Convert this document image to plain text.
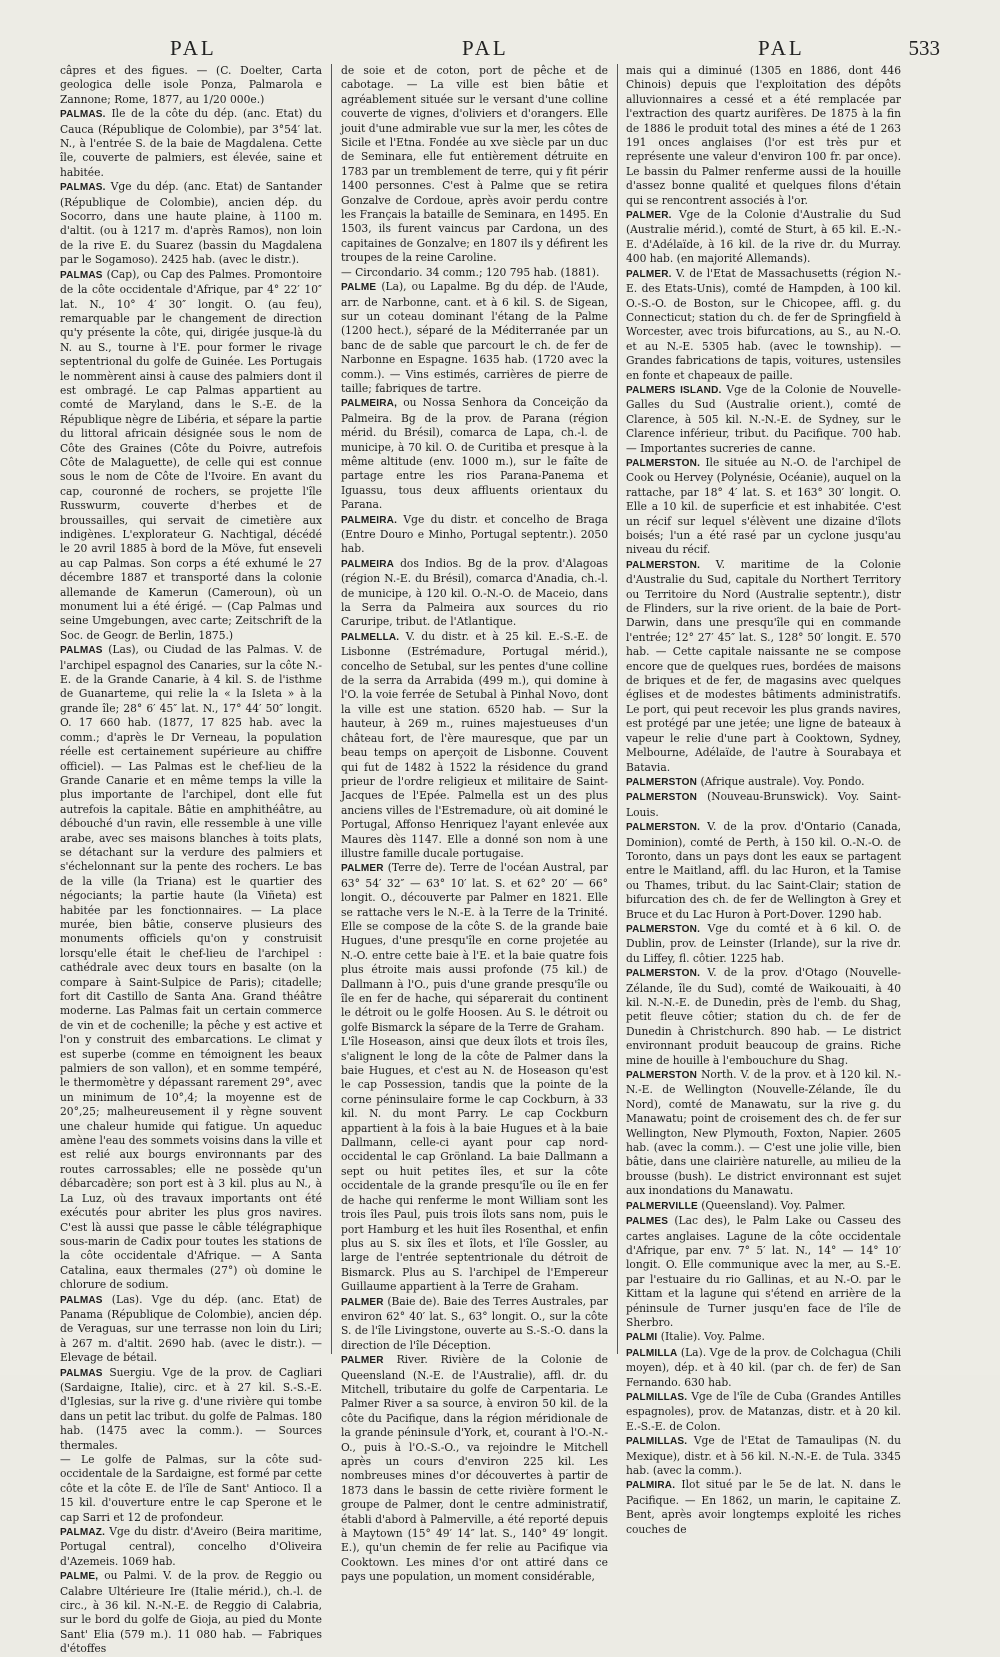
PAL	PAL	PAL	533

câpres et des figues. — (C. Doelter, Carta geologica delle isole Ponza, Palmarola e Zannone; Rome, 1877, au 1/20 000e.)

PALMAS. Ile de la côte du dép. (anc. Etat) du Cauca (République de Colombie), par 3°54′ lat. N., à l'entrée S. de la baie de Magdalena. Cette île, couverte de palmiers, est élevée, saine et habitée.

PALMAS. Vge du dép. (anc. Etat) de Santander (République de Colombie), ancien dép. du Socorro, dans une haute plaine, à 1100 m. d'altit. (ou à 1217 m. d'après Ramos), non loin de la rive E. du Suarez (bassin du Magdalena par le Sogamoso). 2425 hab. (avec le distr.).

PALMAS (Cap), ou Cap des Palmes. Promontoire de la côte occidentale d'Afrique, par 4° 22′ 10″ lat. N., 10° 4′ 30″ longit. O. (au feu), remarquable par le changement de direction qu'y présente la côte, qui, dirigée jusque-là du N. au S., tourne à l'E. pour former le rivage septentrional du golfe de Guinée. Les Portugais le nommèrent ainsi à cause des palmiers dont il est ombragé. Le cap Palmas appartient au comté de Maryland, dans le S.-E. de la République nègre de Libéria, et sépare la partie du littoral africain désignée sous le nom de Côte des Graines (Côte du Poivre, autrefois Côte de Malaguette), de celle qui est connue sous le nom de Côte de l'Ivoire. En avant du cap, couronné de rochers, se projette l'île Russwurm, couverte d'herbes et de broussailles, qui servait de cimetière aux indigènes. L'explorateur G. Nachtigal, décédé le 20 avril 1885 à bord de la Möve, fut enseveli au cap Palmas. Son corps a été exhumé le 27 décembre 1887 et transporté dans la colonie allemande de Kamerun (Cameroun), où un monument lui a été érigé. — (Cap Palmas und seine Umgebungen, avec carte; Zeitschrift de la Soc. de Geogr. de Berlin, 1875.)

PALMAS (Las), ou Ciudad de las Palmas. V. de l'archipel espagnol des Canaries, sur la côte N.-E. de la Grande Canarie, à 4 kil. S. de l'isthme de Guanarteme, qui relie la « la Isleta » à la grande île; 28° 6′ 45″ lat. N., 17° 44′ 50″ longit. O. 17 660 hab. (1877, 17 825 hab. avec la comm.; d'après le Dr Verneau, la population réelle est certainement supérieure au chiffre officiel). — Las Palmas est le chef-lieu de la Grande Canarie et en même temps la ville la plus importante de l'archipel, dont elle fut autrefois la capitale. Bâtie en amphithéâtre, au débouché d'un ravin, elle ressemble à une ville arabe, avec ses maisons blanches à toits plats, se détachant sur la verdure des palmiers et s'échelonnant sur la pente des rochers. Le bas de la ville (la Triana) est le quartier des négociants; la partie haute (la Viñeta) est habitée par les fonctionnaires. — La place murée, bien bâtie, conserve plusieurs des monuments officiels qu'on y construisit lorsqu'elle était le chef-lieu de l'archipel : cathédrale avec deux tours en basalte (on la compare à Saint-Sulpice de Paris); citadelle; fort dit Castillo de Santa Ana. Grand théâtre moderne. Las Palmas fait un certain commerce de vin et de cochenille; la pêche y est active et l'on y construit des embarcations. Le climat y est superbe (comme en témoignent les beaux palmiers de son vallon), et en somme tempéré, le thermomètre y dépassant rarement 29°, avec un minimum de 10°,4; la moyenne est de 20°,25; malheureusement il y règne souvent une chaleur humide qui fatigue. Un aqueduc amène l'eau des sommets voisins dans la ville et est relié aux bourgs environnants par des routes carrossables; elle ne possède qu'un débarcadère; son port est à 3 kil. plus au N., à La Luz, où des travaux importants ont été exécutés pour abriter les plus gros navires. C'est là aussi que passe le câble télégraphique sous-marin de Cadix pour toutes les stations de la côte occidentale d'Afrique. — A Santa Catalina, eaux thermales (27°) où domine le chlorure de sodium.

PALMAS (Las). Vge du dép. (anc. Etat) de Panama (République de Colombie), ancien dép. de Veraguas, sur une terrasse non loin du Liri; à 267 m. d'altit. 2690 hab. (avec le distr.). — Elevage de bétail.

PALMAS Suergiu. Vge de la prov. de Cagliari (Sardaigne, Italie), circ. et à 27 kil. S.-S.-E. d'Iglesias, sur la rive g. d'une rivière qui tombe dans un petit lac tribut. du golfe de Palmas. 180 hab. (1475 avec la comm.). — Sources thermales.

— Le golfe de Palmas, sur la côte sud-occidentale de la Sardaigne, est formé par cette côte et la côte E. de l'île de Sant' Antioco. Il a 15 kil. d'ouverture entre le cap Sperone et le cap Sarri et 12 de profondeur.

PALMAZ. Vge du distr. d'Aveiro (Beira maritime, Portugal central), concelho d'Oliveira d'Azemeis. 1069 hab.

PALME, ou Palmi. V. de la prov. de Reggio ou Calabre Ultérieure Ire (Italie mérid.), ch.-l. de circ., à 36 kil. N.-N.-E. de Reggio di Calabria, sur le bord du golfe de Gioja, au pied du Monte Sant' Elia (579 m.). 11 080 hab. — Fabriques d'étoffes

de soie et de coton, port de pêche et de cabotage. — La ville est bien bâtie et agréablement située sur le versant d'une colline couverte de vignes, d'oliviers et d'orangers. Elle jouit d'une admirable vue sur la mer, les côtes de Sicile et l'Etna. Fondée au xve siècle par un duc de Seminara, elle fut entièrement détruite en 1783 par un tremblement de terre, qui y fit périr 1400 personnes. C'est à Palme que se retira Gonzalve de Cordoue, après avoir perdu contre les Français la bataille de Seminara, en 1495. En 1503, ils furent vaincus par Cardona, un des capitaines de Gonzalve; en 1807 ils y défirent les troupes de la reine Caroline.

— Circondario. 34 comm.; 120 795 hab. (1881).

PALME (La), ou Lapalme. Bg du dép. de l'Aude, arr. de Narbonne, cant. et à 6 kil. S. de Sigean, sur un coteau dominant l'étang de la Palme (1200 hect.), séparé de la Méditerranée par un banc de de sable que parcourt le ch. de fer de Narbonne en Espagne. 1635 hab. (1720 avec la comm.). — Vins estimés, carrières de pierre de taille; fabriques de tartre.

PALMEIRA, ou Nossa Senhora da Conceição da Palmeira. Bg de la prov. de Parana (région mérid. du Brésil), comarca de Lapa, ch.-l. de municipe, à 70 kil. O. de Curitiba et presque à la même altitude (env. 1000 m.), sur le faîte de partage entre les rios Parana-Panema et Iguassu, tous deux affluents orientaux du Parana.

PALMEIRA. Vge du distr. et concelho de Braga (Entre Douro e Minho, Portugal septentr.). 2050 hab.

PALMEIRA dos Indios. Bg de la prov. d'Alagoas (région N.-E. du Brésil), comarca d'Anadia, ch.-l. de municipe, à 120 kil. O.-N.-O. de Maceio, dans la Serra da Palmeira aux sources du rio Caruripe, tribut. de l'Atlantique.

PALMELLA. V. du distr. et à 25 kil. E.-S.-E. de Lisbonne (Estrémadure, Portugal mérid.), concelho de Setubal, sur les pentes d'une colline de la serra da Arrabida (499 m.), qui domine à l'O. la voie ferrée de Setubal à Pinhal Novo, dont la ville est une station. 6520 hab. — Sur la hauteur, à 269 m., ruines majestueuses d'un château fort, de l'ère mauresque, que par un beau temps on aperçoit de Lisbonne. Couvent qui fut de 1482 à 1522 la résidence du grand prieur de l'ordre religieux et militaire de Saint-Jacques de l'Epée. Palmella est un des plus anciens villes de l'Estremadure, où ait dominé le Portugal, Affonso Henriquez l'ayant enlevée aux Maures dès 1147. Elle a donné son nom à une illustre famille ducale portugaise.

PALMER (Terre de). Terre de l'océan Austral, par 63° 54′ 32″ — 63° 10′ lat. S. et 62° 20′ — 66° longit. O., découverte par Palmer en 1821. Elle se rattache vers le N.-E. à la Terre de la Trinité. Elle se compose de la côte S. de la grande baie Hugues, d'une presqu'île en corne projetée au N.-O. entre cette baie à l'E. et la baie quatre fois plus étroite mais aussi profonde (75 kil.) de Dallmann à l'O., puis d'une grande presqu'île ou île en fer de hache, qui séparerait du continent le détroit ou le golfe Hoosen. Au S. le détroit ou golfe Bismarck la sépare de la Terre de Graham.

L'île Hoseason, ainsi que deux îlots et trois îles, s'alignent le long de la côte de Palmer dans la baie Hugues, et c'est au N. de Hoseason qu'est le cap Possession, tandis que la pointe de la corne péninsulaire forme le cap Cockburn, à 33 kil. N. du mont Parry. Le cap Cockburn appartient à la fois à la baie Hugues et à la baie Dallmann, celle-ci ayant pour cap nord-occidental le cap Grönland. La baie Dallmann a sept ou huit petites îles, et sur la côte occidentale de la grande presqu'île ou île en fer de hache qui renferme le mont William sont les trois îles Paul, puis trois îlots sans nom, puis le port Hamburg et les huit îles Rosenthal, et enfin plus au S. six îles et îlots, et l'île Gossler, au large de l'entrée septentrionale du détroit de Bismarck. Plus au S. l'archipel de l'Empereur Guillaume appartient à la Terre de Graham.

PALMER (Baie de). Baie des Terres Australes, par environ 62° 40′ lat. S., 63° longit. O., sur la côte S. de l'île Livingstone, ouverte au S.-S.-O. dans la direction de l'île Déception.

PALMER River. Rivière de la Colonie de Queensland (N.-E. de l'Australie), affl. dr. du Mitchell, tributaire du golfe de Carpentaria. Le Palmer River a sa source, à environ 50 kil. de la côte du Pacifique, dans la région méridionale de la grande péninsule d'York, et, courant à l'O.-N.-O., puis à l'O.-S.-O., va rejoindre le Mitchell après un cours d'environ 225 kil. Les nombreuses mines d'or découvertes à partir de 1873 dans le bassin de cette rivière forment le groupe de Palmer, dont le centre administratif, établi d'abord à Palmerville, a été reporté depuis à Maytown (15° 49′ 14″ lat. S., 140° 49′ longit. E.), qu'un chemin de fer relie au Pacifique via Cooktown. Les mines d'or ont attiré dans ce pays une population, un moment considérable,

mais qui a diminué (1305 en 1886, dont 446 Chinois) depuis que l'exploitation des dépôts alluvionnaires a cessé et a été remplacée par l'extraction des quartz aurifères. De 1875 à la fin de 1886 le produit total des mines a été de 1 263 191 onces anglaises (l'or est très pur et représente une valeur d'environ 100 fr. par once). Le bassin du Palmer renferme aussi de la houille d'assez bonne qualité et quelques filons d'étain qui se rencontrent associés à l'or.

PALMER. Vge de la Colonie d'Australie du Sud (Australie mérid.), comté de Sturt, à 65 kil. E.-N.-E. d'Adélaïde, à 16 kil. de la rive dr. du Murray. 400 hab. (en majorité Allemands).

PALMER. V. de l'Etat de Massachusetts (région N.-E. des Etats-Unis), comté de Hampden, à 100 kil. O.-S.-O. de Boston, sur le Chicopee, affl. g. du Connecticut; station du ch. de fer de Springfield à Worcester, avec trois bifurcations, au S., au N.-O. et au N.-E. 5305 hab. (avec le township). — Grandes fabrications de tapis, voitures, ustensiles en fonte et chapeaux de paille.

PALMERS ISLAND. Vge de la Colonie de Nouvelle-Galles du Sud (Australie orient.), comté de Clarence, à 505 kil. N.-N.-E. de Sydney, sur le Clarence inférieur, tribut. du Pacifique. 700 hab. — Importantes sucreries de canne.

PALMERSTON. Ile située au N.-O. de l'archipel de Cook ou Hervey (Polynésie, Océanie), auquel on la rattache, par 18° 4′ lat. S. et 163° 30′ longit. O. Elle a 10 kil. de superficie et est inhabitée. C'est un récif sur lequel s'élèvent une dizaine d'îlots boisés; l'un a été rasé par un cyclone jusqu'au niveau du récif.

PALMERSTON. V. maritime de la Colonie d'Australie du Sud, capitale du Northert Territory ou Territoire du Nord (Australie septentr.), distr de Flinders, sur la rive orient. de la baie de Port-Darwin, dans une presqu'île qui en commande l'entrée; 12° 27′ 45″ lat. S., 128° 50′ longit. E. 570 hab. — Cette capitale naissante ne se compose encore que de quelques rues, bordées de maisons de briques et de fer, de magasins avec quelques églises et de modestes bâtiments administratifs. Le port, qui peut recevoir les plus grands navires, est protégé par une jetée; une ligne de bateaux à vapeur le relie d'une part à Cooktown, Sydney, Melbourne, Adélaïde, de l'autre à Sourabaya et Batavia.

PALMERSTON (Afrique australe). Voy. Pondo.

PALMERSTON (Nouveau-Brunswick). Voy. Saint-Louis.

PALMERSTON. V. de la prov. d'Ontario (Canada, Dominion), comté de Perth, à 150 kil. O.-N.-O. de Toronto, dans un pays dont les eaux se partagent entre le Maitland, affl. du lac Huron, et la Tamise ou Thames, tribut. du lac Saint-Clair; station de bifurcation des ch. de fer de Wellington à Grey et Bruce et du Lac Huron à Port-Dover. 1290 hab.

PALMERSTON. Vge du comté et à 6 kil. O. de Dublin, prov. de Leinster (Irlande), sur la rive dr. du Liffey, fl. côtier. 1225 hab.

PALMERSTON. V. de la prov. d'Otago (Nouvelle-Zélande, île du Sud), comté de Waikouaiti, à 40 kil. N.-N.-E. de Dunedin, près de l'emb. du Shag, petit fleuve côtier; station du ch. de fer de Dunedin à Christchurch. 890 hab. — Le district environnant produit beaucoup de grains. Riche mine de houille à l'embouchure du Shag.

PALMERSTON North. V. de la prov. et à 120 kil. N.-N.-E. de Wellington (Nouvelle-Zélande, île du Nord), comté de Manawatu, sur la rive g. du Manawatu; point de croisement des ch. de fer sur Wellington, New Plymouth, Foxton, Napier. 2605 hab. (avec la comm.). — C'est une jolie ville, bien bâtie, dans une clairière naturelle, au milieu de la brousse (bush). Le district environnant est sujet aux inondations du Manawatu.

PALMERVILLE (Queensland). Voy. Palmer.

PALMES (Lac des), le Palm Lake ou Casseu des cartes anglaises. Lagune de la côte occidentale d'Afrique, par env. 7° 5′ lat. N., 14° — 14° 10′ longit. O. Elle communique avec la mer, au S.-E. par l'estuaire du rio Gallinas, et au N.-O. par le Kittam et la lagune qui s'étend en arrière de la péninsule de Turner jusqu'en face de l'île de Sherbro.

PALMI (Italie). Voy. Palme.

PALMILLA (La). Vge de la prov. de Colchagua (Chili moyen), dép. et à 40 kil. (par ch. de fer) de San Fernando. 630 hab.

PALMILLAS. Vge de l'île de Cuba (Grandes Antilles espagnoles), prov. de Matanzas, distr. et à 20 kil. E.-S.-E. de Colon.

PALMILLAS. Vge de l'Etat de Tamaulipas (N. du Mexique), distr. et à 56 kil. N.-N.-E. de Tula. 3345 hab. (avec la comm.).

PALMIRA. Ilot situé par le 5e de lat. N. dans le Pacifique. — En 1862, un marin, le capitaine Z. Bent, après avoir longtemps exploité les riches couches de
